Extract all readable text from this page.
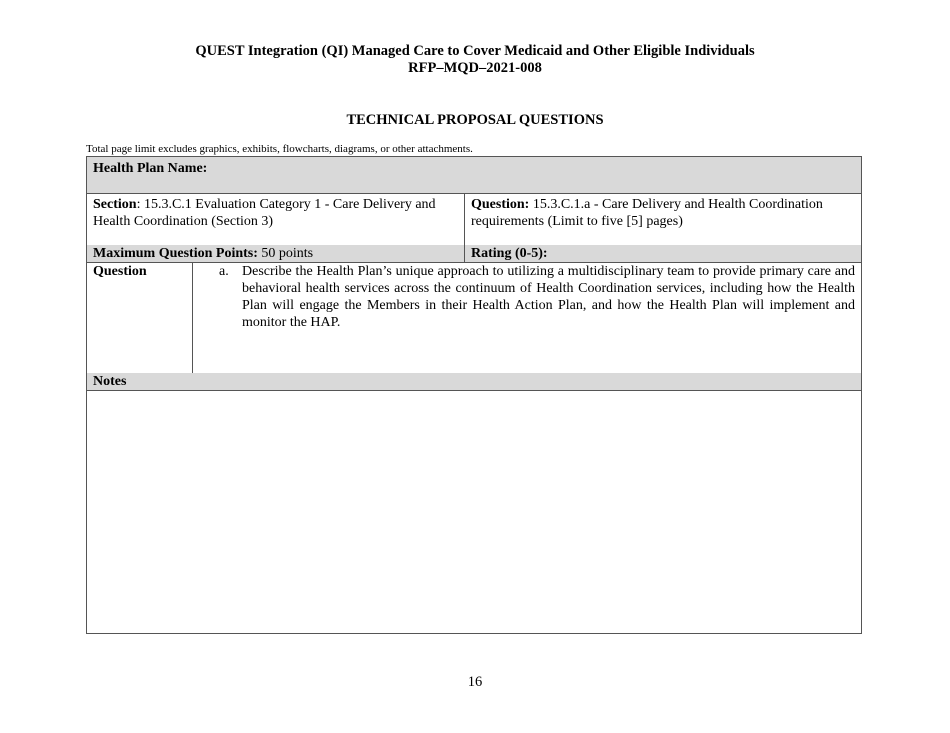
QUEST Integration (QI) Managed Care to Cover Medicaid and Other Eligible Individuals
RFP–MQD–2021-008
TECHNICAL PROPOSAL QUESTIONS
Total page limit excludes graphics, exhibits, flowcharts, diagrams, or other attachments.
Health Plan Name:
Section: 15.3.C.1 Evaluation Category 1 - Care Delivery and Health Coordination (Section 3)
Question: 15.3.C.1.a - Care Delivery and Health Coordination requirements (Limit to five [5] pages)
Maximum Question Points: 50 points	Rating (0-5):
Question	a. Describe the Health Plan’s unique approach to utilizing a multidisciplinary team to provide primary care and behavioral health services across the continuum of Health Coordination services, including how the Health Plan will engage the Members in their Health Action Plan, and how the Health Plan will implement and monitor the HAP.
Notes
16
